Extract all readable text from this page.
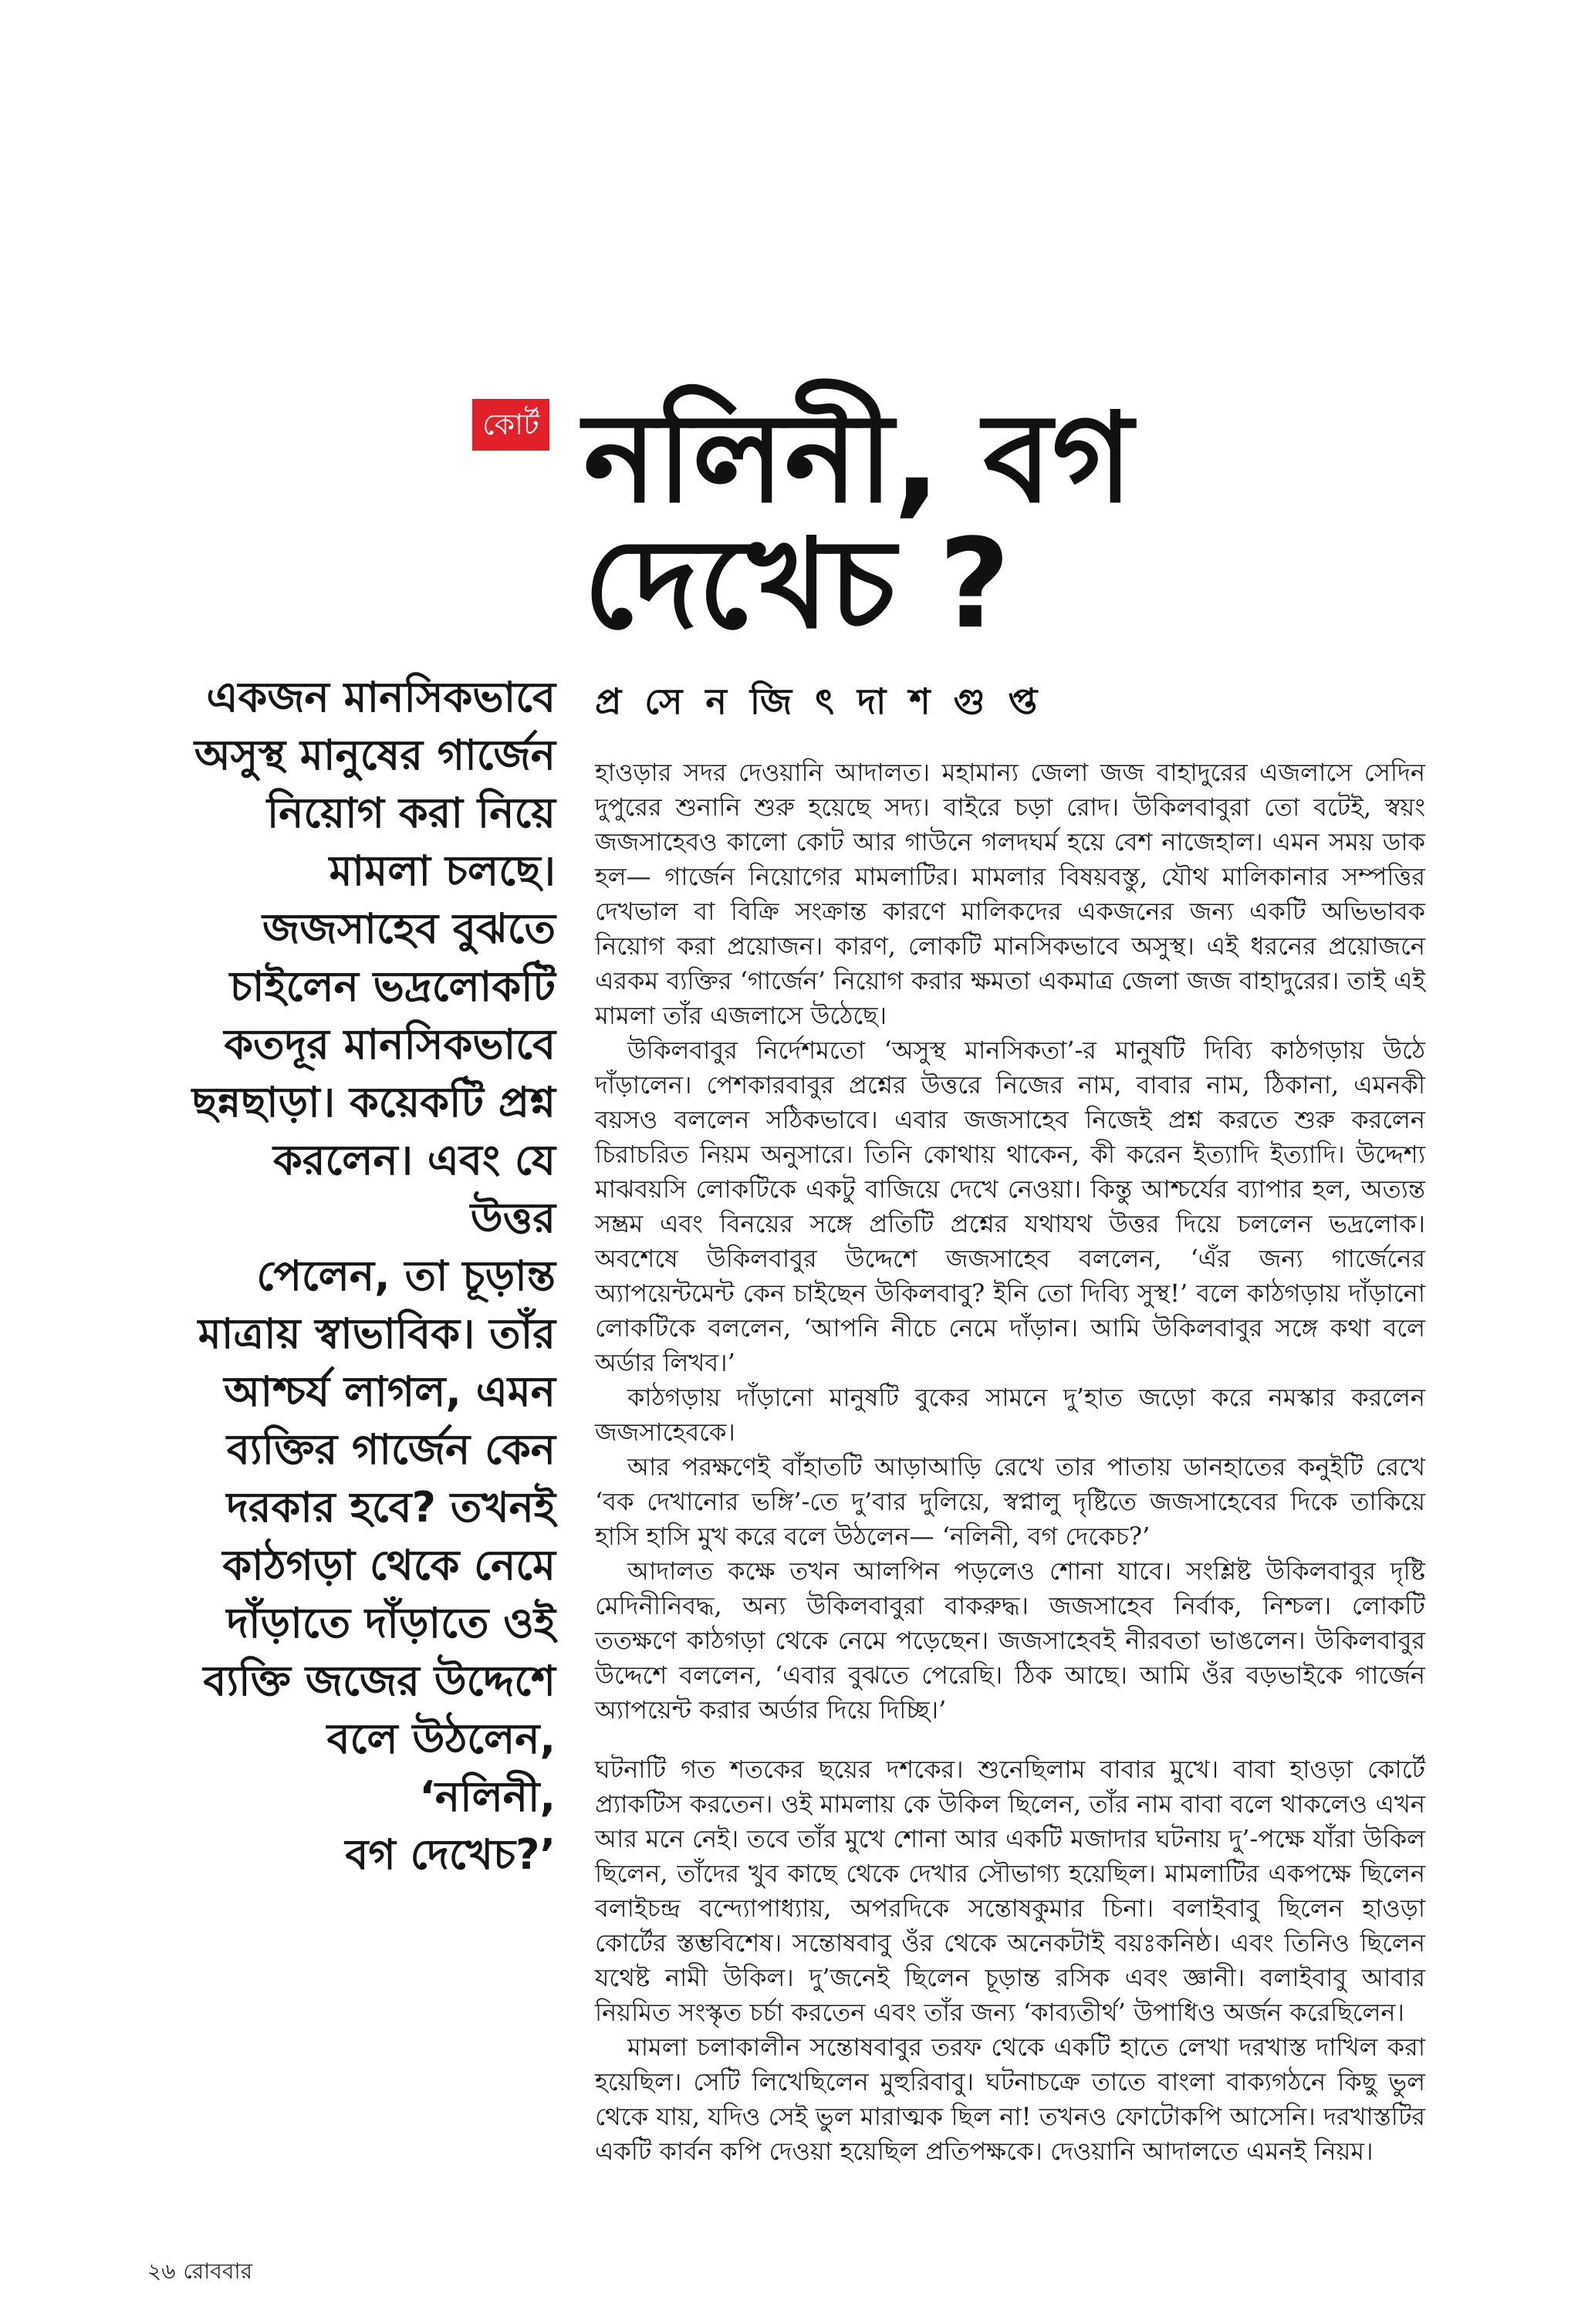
কোর্ট নলিনী, বগ
দেখেচ ?
প্র সে ন জি ৎ দা শ গু প্ত
একজন মানসিকভাবে
অসুস্থ মানুষের গার্জেন
নিয়োগ করা নিয়ে
মামলা চলছে।
জজসাহেব বুঝতে
চাইলেন ভদ্রলোকটি
কতদূর মানসিকভাবে
ছন্নছাড়া। কয়েকটি প্রশ্ন
করলেন। এবং যে উত্তর
পেলেন, তা চূড়ান্ত
মাত্রায় স্বাভাবিক। তাঁর
আশ্চর্য লাগল, এমন
ব্যক্তির গার্জেন কেন
দরকার হবে? তখনই
কাঠগড়া থেকে নেমে
দাঁড়াতে দাঁড়াতে ওই
ব্যক্তি জজের উদ্দেশে
বলে উঠলেন, ‘নলিনী,
বগ দেখেচ?’

হাওড়ার সদর দেওয়ানি আদালত। মহামান্য জেলা জজ বাহাদুরের এজলাসে সেদিন দুপুরের শুনানি শুরু হয়েছে সদ্য। বাইরে চড়া রোদ। উকিলবাবুরা তো বটেই, স্বয়ং জজসাহেবও কালো কোট আর গাউনে গলদঘর্ম হয়ে বেশ নাজেহাল। এমন সময় ডাক হল— গার্জেন নিয়োগের মামলাটির। মামলার বিষয়বস্তু, যৌথ মালিকানার সম্পত্তির দেখভাল বা বিক্রি সংক্রান্ত কারণে মালিকদের একজনের জন্য একটি অভিভাবক নিয়োগ করা প্রয়োজন। কারণ, লোকটি মানসিকভাবে অসুস্থ। এই ধরনের প্রয়োজনে এরকম ব্যক্তির ‘গার্জেন’ নিয়োগ করার ক্ষমতা একমাত্র জেলা জজ বাহাদুরের। তাই এই মামলা তাঁর এজলাসে উঠেছে।

উকিলবাবুর নির্দেশমতো ‘অসুস্থ মানসিকতা’-র মানুষটি দিব্যি কাঠগড়ায় উঠে দাঁড়ালেন। পেশকারবাবুর প্রশ্নের উত্তরে নিজের নাম, বাবার নাম, ঠিকানা, এমনকী বয়সও বললেন সঠিকভাবে। এবার জজসাহেব নিজেই প্রশ্ন করতে শুরু করলেন চিরাচরিত নিয়ম অনুসারে। তিনি কোথায় থাকেন, কী করেন ইত্যাদি ইত্যাদি। উদ্দেশ্য মাঝবয়সি লোকটিকে একটু বাজিয়ে দেখে নেওয়া। কিন্তু আশ্চর্যের ব্যাপার হল, অত্যন্ত সম্ভ্রম এবং বিনয়ের সঙ্গে প্রতিটি প্রশ্নের যথাযথ উত্তর দিয়ে চললেন ভদ্রলোক। অবশেষে উকিলবাবুর উদ্দেশে জজসাহেব বললেন, ‘এঁর জন্য গার্জেনের অ্যাপয়েন্টমেন্ট কেন চাইছেন উকিলবাবু? ইনি তো দিব্যি সুস্থ!’ বলে কাঠগড়ায় দাঁড়ানো লোকটিকে বললেন, ‘আপনি নীচে নেমে দাঁড়ান। আমি উকিলবাবুর সঙ্গে কথা বলে অর্ডার লিখব।’

কাঠগড়ায় দাঁড়ানো মানুষটি বুকের সামনে দু’হাত জড়ো করে নমস্কার করলেন জজসাহেবকে।

আর পরক্ষণেই বাঁহাতটি আড়াআড়ি রেখে তার পাতায় ডানহাতের কনুইটি রেখে ‘বক দেখানোর ভঙ্গি’-তে দু’বার দুলিয়ে, স্বপ্নালু দৃষ্টিতে জজসাহেবের দিকে তাকিয়ে হাসি হাসি মুখ করে বলে উঠলেন— ‘নলিনী, বগ দেকেচ?’

আদালত কক্ষে তখন আলপিন পড়লেও শোনা যাবে। সংশ্লিষ্ট উকিলবাবুর দৃষ্টি মেদিনীনিবদ্ধ, অন্য উকিলবাবুরা বাকরুদ্ধ। জজসাহেব নির্বাক, নিশ্চল। লোকটি ততক্ষণে কাঠগড়া থেকে নেমে পড়েছেন। জজসাহেবই নীরবতা ভাঙলেন। উকিলবাবুর উদ্দেশে বললেন, ‘এবার বুঝতে পেরেছি। ঠিক আছে। আমি ওঁর বড়ভাইকে গার্জেন অ্যাপয়েন্ট করার অর্ডার দিয়ে দিচ্ছি।’

ঘটনাটি গত শতকের ছয়ের দশকের। শুনেছিলাম বাবার মুখে। বাবা হাওড়া কোর্টে প্র্যাকটিস করতেন। ওই মামলায় কে উকিল ছিলেন, তাঁর নাম বাবা বলে থাকলেও এখন আর মনে নেই। তবে তাঁর মুখে শোনা আর একটি মজাদার ঘটনায় দু’-পক্ষে যাঁরা উকিল ছিলেন, তাঁদের খুব কাছে থেকে দেখার সৌভাগ্য হয়েছিল। মামলাটির একপক্ষে ছিলেন বলাইচন্দ্র বন্দ্যোপাধ্যায়, অপরদিকে সন্তোষকুমার চিনা। বলাইবাবু ছিলেন হাওড়া কোর্টের স্তম্ভবিশেষ। সন্তোষবাবু ওঁর থেকে অনেকটাই বয়ঃকনিষ্ঠ। এবং তিনিও ছিলেন যথেষ্ট নামী উকিল। দু’জনেই ছিলেন চূড়ান্ত রসিক এবং জ্ঞানী। বলাইবাবু আবার নিয়মিত সংস্কৃত চর্চা করতেন এবং তাঁর জন্য ‘কাব্যতীর্থ’ উপাধিও অর্জন করেছিলেন।

মামলা চলাকালীন সন্তোষবাবুর তরফ থেকে একটি হাতে লেখা দরখাস্ত দাখিল করা হয়েছিল। সেটি লিখেছিলেন মুহুরিবাবু। ঘটনাচক্রে তাতে বাংলা বাক্যগঠনে কিছু ভুল থেকে যায়, যদিও সেই ভুল মারাত্মক ছিল না! তখনও ফোটোকপি আসেনি। দরখাস্তটির একটি কার্বন কপি দেওয়া হয়েছিল প্রতিপক্ষকে। দেওয়ানি আদালতে এমনই নিয়ম।

২৬ রোববার
